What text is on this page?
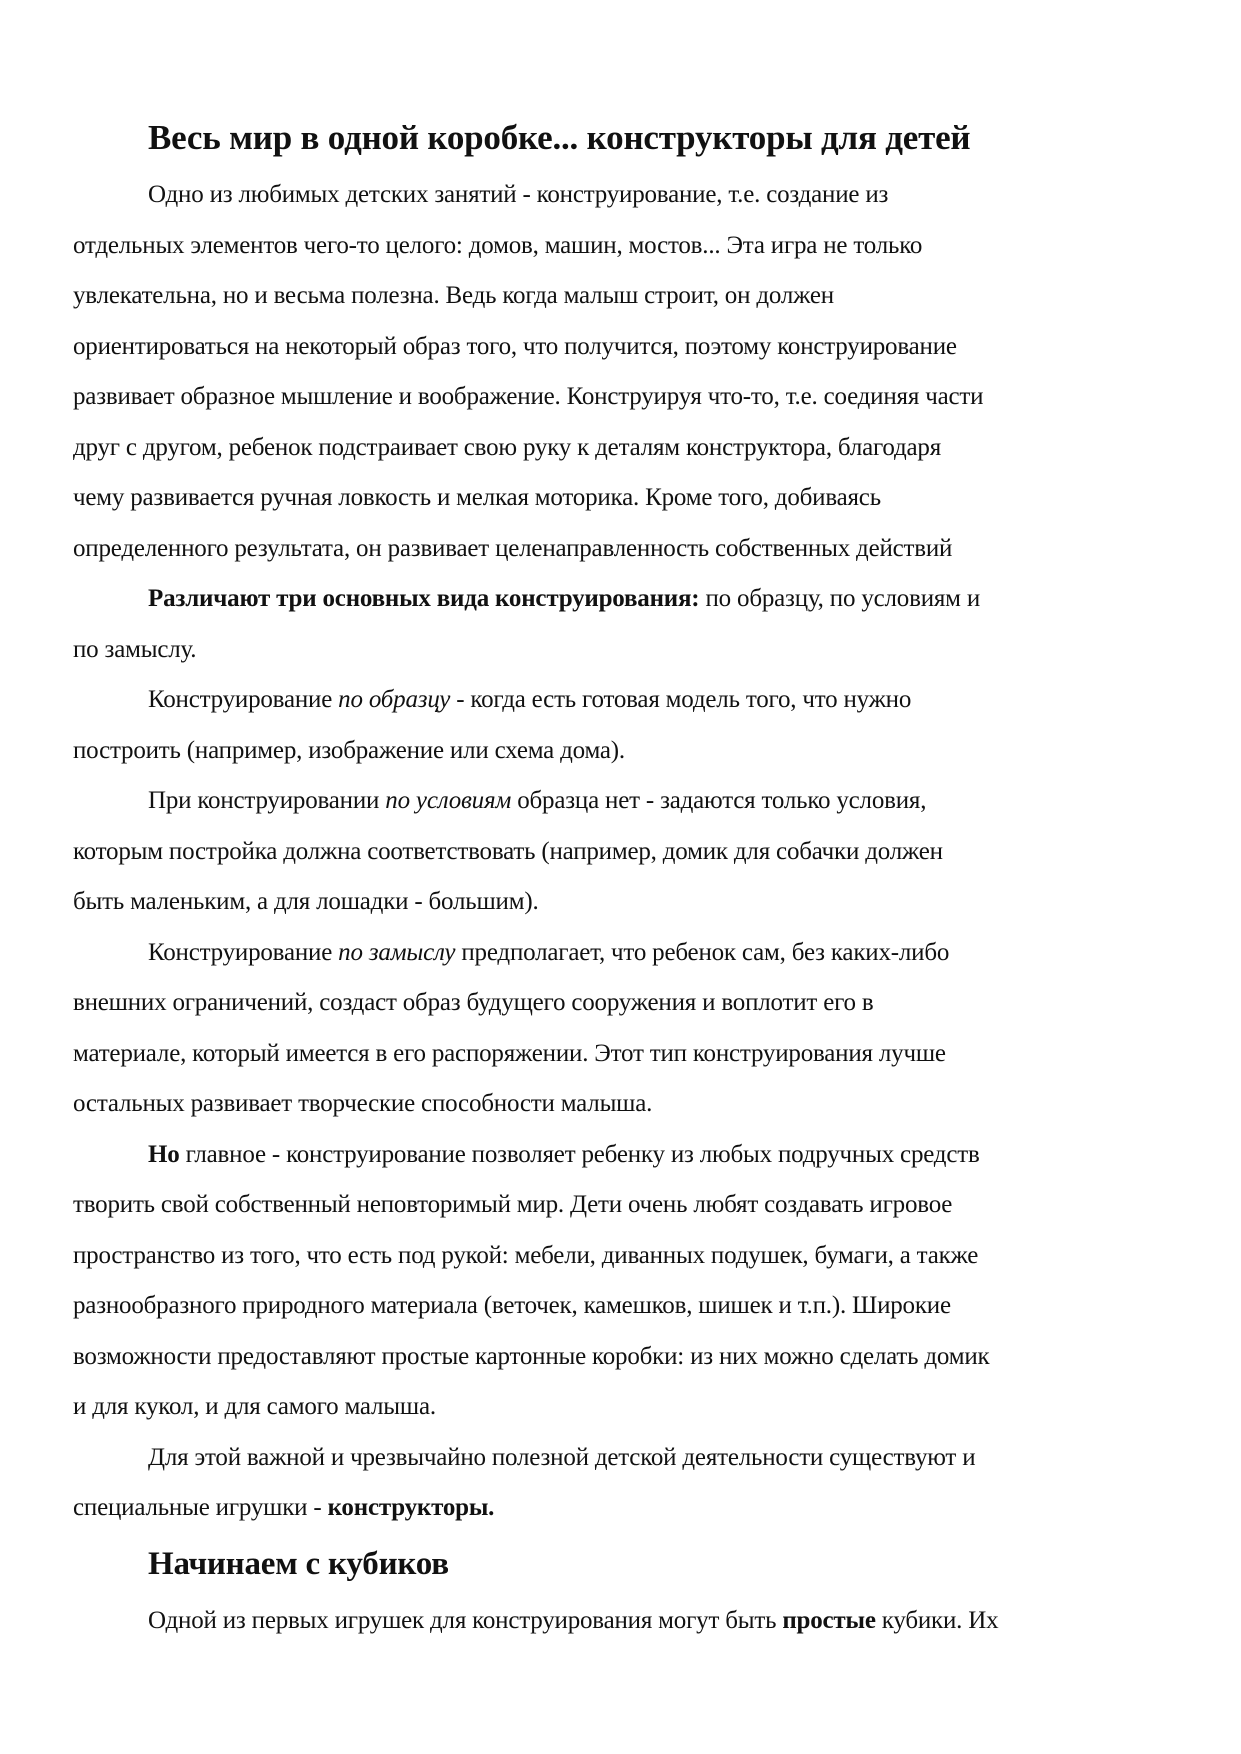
Весь мир в одной коробке... конструкторы для детей
Одно из любимых детских занятий - конструирование, т.е. создание из
отдельных элементов чего-то целого: домов, машин, мостов... Эта игра не только
увлекательна, но и весьма полезна. Ведь когда малыш строит, он должен
ориентироваться на некоторый образ того, что получится, поэтому конструирование
развивает образное мышление и воображение. Конструируя что-то, т.е. соединяя части
друг с другом, ребенок подстраивает свою руку к деталям конструктора, благодаря
чему развивается ручная ловкость и мелкая моторика. Кроме того, добиваясь
определенного результата, он развивает целенаправленность собственных действий
Различают три основных вида конструирования: по образцу, по условиям и
по замыслу.
Конструирование по образцу - когда есть готовая модель того, что нужно
построить (например, изображение или схема дома).
При конструировании по условиям образца нет - задаются только условия,
которым постройка должна соответствовать (например, домик для собачки должен
быть маленьким, а для лошадки - большим).
Конструирование по замыслу предполагает, что ребенок сам, без каких-либо
внешних ограничений, создаст образ будущего сооружения и воплотит его в
материале, который имеется в его распоряжении. Этот тип конструирования лучше
остальных развивает творческие способности малыша.
Но главное - конструирование позволяет ребенку из любых подручных средств
творить свой собственный неповторимый мир. Дети очень любят создавать игровое
пространство из того, что есть под рукой: мебели, диванных подушек, бумаги, а также
разнообразного природного материала (веточек, камешков, шишек и т.п.). Широкие
возможности предоставляют простые картонные коробки: из них можно сделать домик
и для кукол, и для самого малыша.
Для этой важной и чрезвычайно полезной детской деятельности существуют и
специальные игрушки - конструкторы.
Начинаем с кубиков
Одной из первых игрушек для конструирования могут быть простые кубики. Их
